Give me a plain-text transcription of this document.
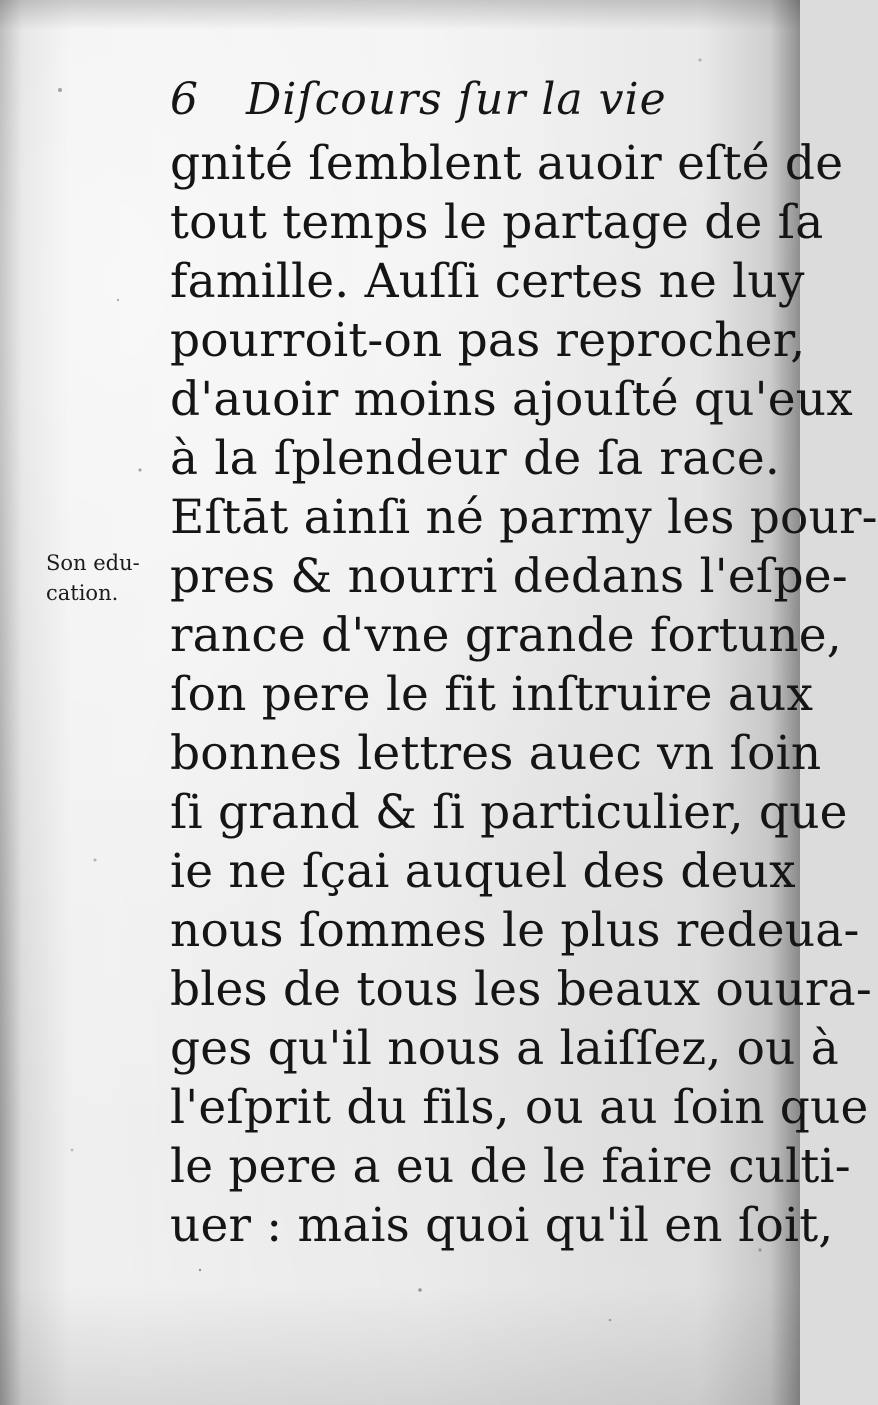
6 Diſcours ſur la vie
Son edu-
cation.
gnité ſemblent auoir eſté de
tout temps le partage de ſa
famille. Auſſi certes ne luy
pourroit-on pas reprocher,
d'auoir moins ajouſté qu'eux
à la ſplendeur de ſa race.
Eſtāt ainſi né parmy les pour-
pres & nourri dedans l'eſpe-
rance d'vne grande fortune,
ſon pere le fit inſtruire aux
bonnes lettres auec vn ſoin
ſi grand & ſi particulier, que
ie ne ſçai auquel des deux
nous ſommes le plus redeua-
bles de tous les beaux ouura-
ges qu'il nous a laiſſez, ou à
l'eſprit du fils, ou au ſoin que
le pere a eu de le faire culti-
uer : mais quoi qu'il en ſoit,
